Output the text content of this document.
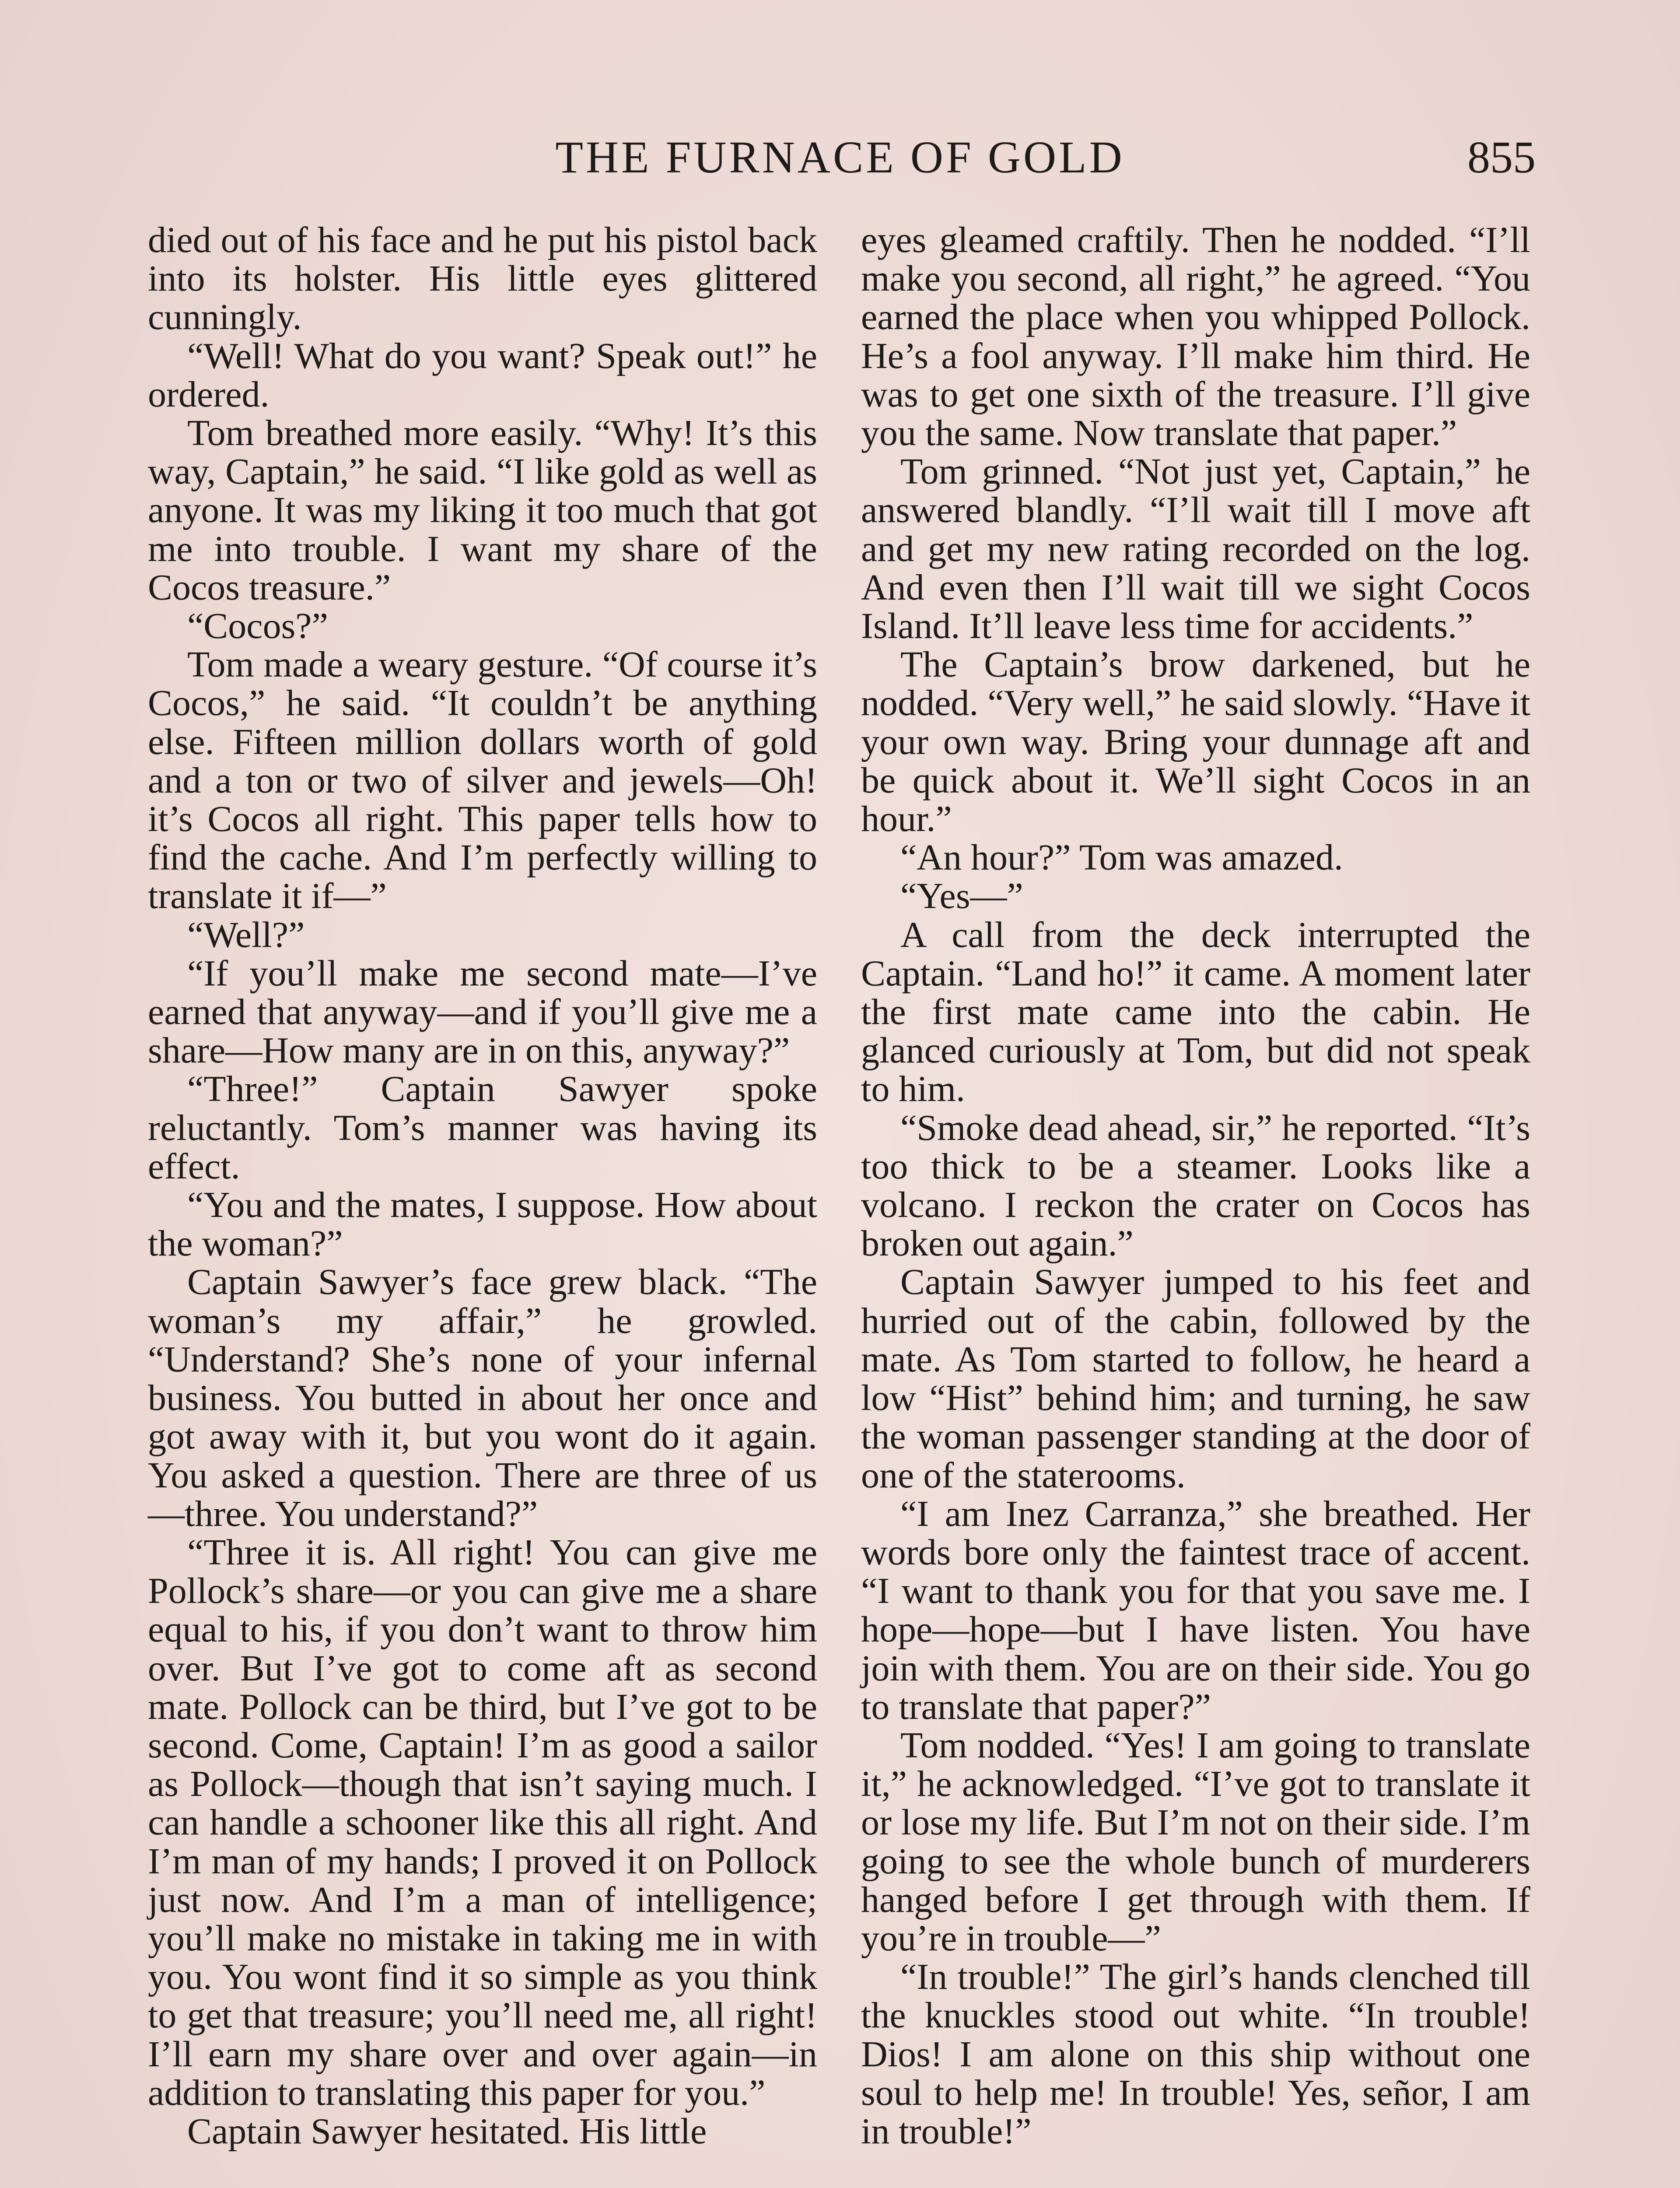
THE FURNACE OF GOLD	855

died out of his face and he put his pistol back into its holster. His little eyes glittered cunningly.

“Well! What do you want? Speak out!” he ordered.

Tom breathed more easily. “Why! It’s this way, Captain,” he said. “I like gold as well as anyone. It was my liking it too much that got me into trouble. I want my share of the Cocos treasure.”

“Cocos?”

Tom made a weary gesture. “Of course it’s Cocos,” he said. “It couldn’t be anything else. Fifteen million dollars worth of gold and a ton or two of silver and jewels—Oh! it’s Cocos all right. This paper tells how to find the cache. And I’m perfectly willing to translate it if—”

“Well?”

“If you’ll make me second mate—I’ve earned that anyway—and if you’ll give me a share—How many are in on this, anyway?”

“Three!” Captain Sawyer spoke reluctantly. Tom’s manner was having its effect.

“You and the mates, I suppose. How about the woman?”

Captain Sawyer’s face grew black. “The woman’s my affair,” he growled. “Understand? She’s none of your infernal business. You butted in about her once and got away with it, but you wont do it again. You asked a question. There are three of us—three. You understand?”

“Three it is. All right! You can give me Pollock’s share—or you can give me a share equal to his, if you don’t want to throw him over. But I’ve got to come aft as second mate. Pollock can be third, but I’ve got to be second. Come, Captain! I’m as good a sailor as Pollock—though that isn’t saying much. I can handle a schooner like this all right. And I’m man of my hands; I proved it on Pollock just now. And I’m a man of intelligence; you’ll make no mistake in taking me in with you. You wont find it so simple as you think to get that treasure; you’ll need me, all right! I’ll earn my share over and over again—in addition to translating this paper for you.”

Captain Sawyer hesitated. His little

eyes gleamed craftily. Then he nodded. “I’ll make you second, all right,” he agreed. “You earned the place when you whipped Pollock. He’s a fool anyway. I’ll make him third. He was to get one sixth of the treasure. I’ll give you the same. Now translate that paper.”

Tom grinned. “Not just yet, Captain,” he answered blandly. “I’ll wait till I move aft and get my new rating recorded on the log. And even then I’ll wait till we sight Cocos Island. It’ll leave less time for accidents.”

The Captain’s brow darkened, but he nodded. “Very well,” he said slowly. “Have it your own way. Bring your dunnage aft and be quick about it. We’ll sight Cocos in an hour.”

“An hour?” Tom was amazed.

“Yes—”

A call from the deck interrupted the Captain. “Land ho!” it came. A moment later the first mate came into the cabin. He glanced curiously at Tom, but did not speak to him.

“Smoke dead ahead, sir,” he reported. “It’s too thick to be a steamer. Looks like a volcano. I reckon the crater on Cocos has broken out again.”

Captain Sawyer jumped to his feet and hurried out of the cabin, followed by the mate. As Tom started to follow, he heard a low “Hist” behind him; and turning, he saw the woman passenger standing at the door of one of the staterooms.

“I am Inez Carranza,” she breathed. Her words bore only the faintest trace of accent. “I want to thank you for that you save me. I hope—hope—but I have listen. You have join with them. You are on their side. You go to translate that paper?”

Tom nodded. “Yes! I am going to translate it,” he acknowledged. “I’ve got to translate it or lose my life. But I’m not on their side. I’m going to see the whole bunch of murderers hanged before I get through with them. If you’re in trouble—”

“In trouble!” The girl’s hands clenched till the knuckles stood out white. “In trouble! Dios! I am alone on this ship without one soul to help me! In trouble! Yes, señor, I am in trouble!”
